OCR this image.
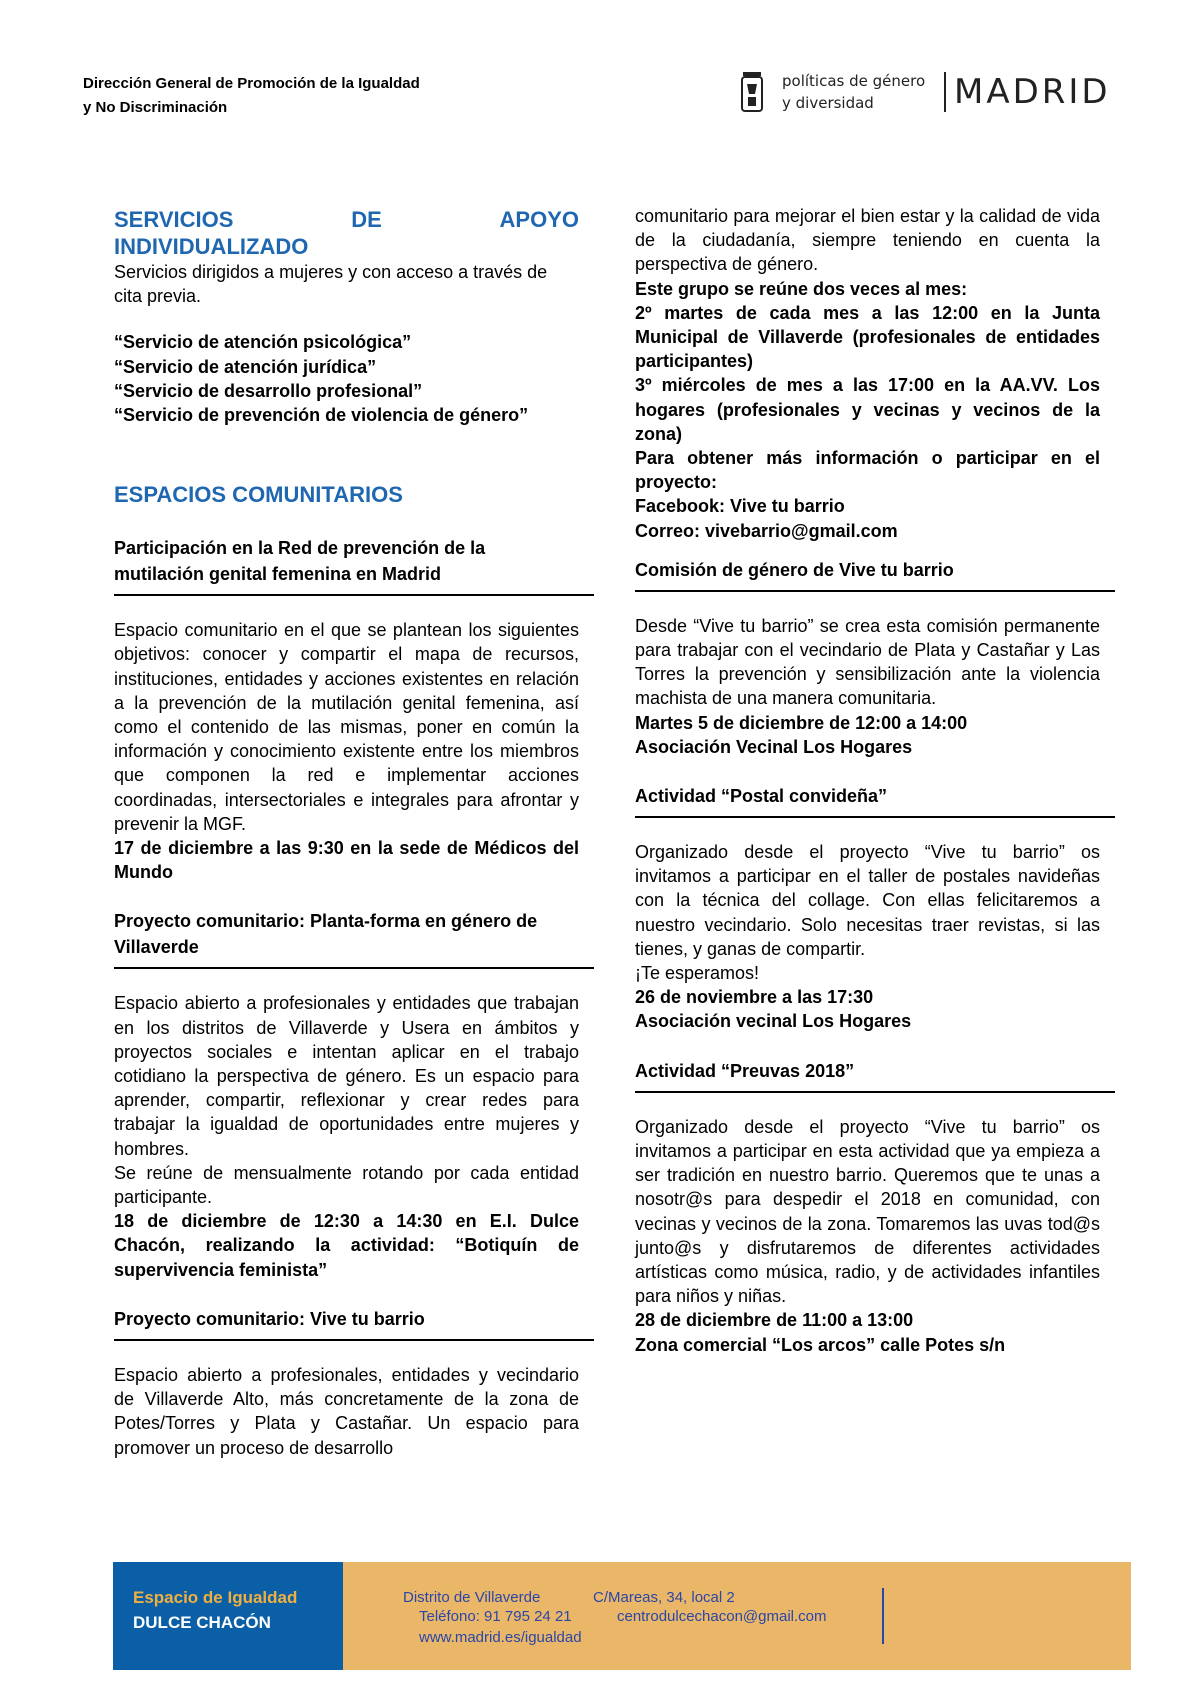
Dirección General de Promoción de la Igualdad
y No Discriminación
políticas de género
y diversidad	MADRID
SERVICIOS	DE	APOYO
INDIVIDUALIZADO

Servicios dirigidos a mujeres y con acceso a través de cita previa.

“Servicio de atención psicológica”

“Servicio de atención jurídica”

“Servicio de desarrollo profesional”

“Servicio de prevención de violencia de género”

ESPACIOS COMUNITARIOS
Participación en la Red de prevención de la mutilación genital femenina en Madrid

Espacio comunitario en el que se plantean los siguientes objetivos: conocer y compartir el mapa de recursos, instituciones, entidades y acciones existentes en relación a la prevención de la mutilación genital femenina, así como el contenido de las mismas, poner en común la información y conocimiento existente entre los miembros que componen la red e implementar acciones coordinadas, intersectoriales e integrales para afrontar y prevenir la MGF.

17 de diciembre a las 9:30 en la sede de Médicos del Mundo

Proyecto comunitario: Planta-forma en género de Villaverde

Espacio abierto a profesionales y entidades que trabajan en los distritos de Villaverde y Usera en ámbitos y proyectos sociales e intentan aplicar en el trabajo cotidiano la perspectiva de género. Es un espacio para aprender, compartir, reflexionar y crear redes para trabajar la igualdad de oportunidades entre mujeres y hombres.

Se reúne de mensualmente rotando por cada entidad participante.

18 de diciembre de 12:30 a 14:30 en E.I. Dulce Chacón, realizando la actividad: “Botiquín de supervivencia feminista”

Proyecto comunitario: Vive tu barrio

Espacio abierto a profesionales, entidades y vecindario de Villaverde Alto, más concretamente de la zona de Potes/Torres y Plata y Castañar. Un espacio para promover un proceso de desarrollo

comunitario para mejorar el bien estar y la calidad de vida de la ciudadanía, siempre teniendo en cuenta la perspectiva de género.

Este grupo se reúne dos veces al mes:

2º martes de cada mes a las 12:00 en la Junta Municipal de Villaverde (profesionales de entidades participantes)

3º miércoles de mes a las 17:00 en la AA.VV. Los hogares (profesionales y vecinas y vecinos de la zona)

Para obtener más información o participar en el proyecto:

Facebook: Vive tu barrio

Correo: vivebarrio@gmail.com

Comisión de género de Vive tu barrio

Desde “Vive tu barrio” se crea esta comisión permanente para trabajar con el vecindario de Plata y Castañar y Las Torres la prevención y sensibilización ante la violencia machista de una manera comunitaria.

Martes 5 de diciembre de 12:00 a 14:00

Asociación Vecinal Los Hogares

Actividad “Postal convideña”

Organizado desde el proyecto “Vive tu barrio” os invitamos a participar en el taller de postales navideñas con la técnica del collage. Con ellas felicitaremos a nuestro vecindario. Solo necesitas traer revistas, si las tienes, y ganas de compartir.

¡Te esperamos!

26 de noviembre a las 17:30

Asociación vecinal Los Hogares

Actividad “Preuvas 2018”

Organizado desde el proyecto “Vive tu barrio” os invitamos a participar en esta actividad que ya empieza a ser tradición en nuestro barrio. Queremos que te unas a nosotr@s para despedir el 2018 en comunidad, con vecinas y vecinos de la zona. Tomaremos las uvas tod@s junto@s y disfrutaremos de diferentes actividades artísticas como música, radio, y de actividades infantiles para niños y niñas.

28 de diciembre de 11:00 a 13:00

Zona comercial “Los arcos” calle Potes s/n

Espacio de Igualdad
DULCE CHACÓN
Distrito de Villaverde	C/Mareas, 34, local 2
Teléfono: 91 795 24 21	centrodulcechacon@gmail.com
www.madrid.es/igualdad
